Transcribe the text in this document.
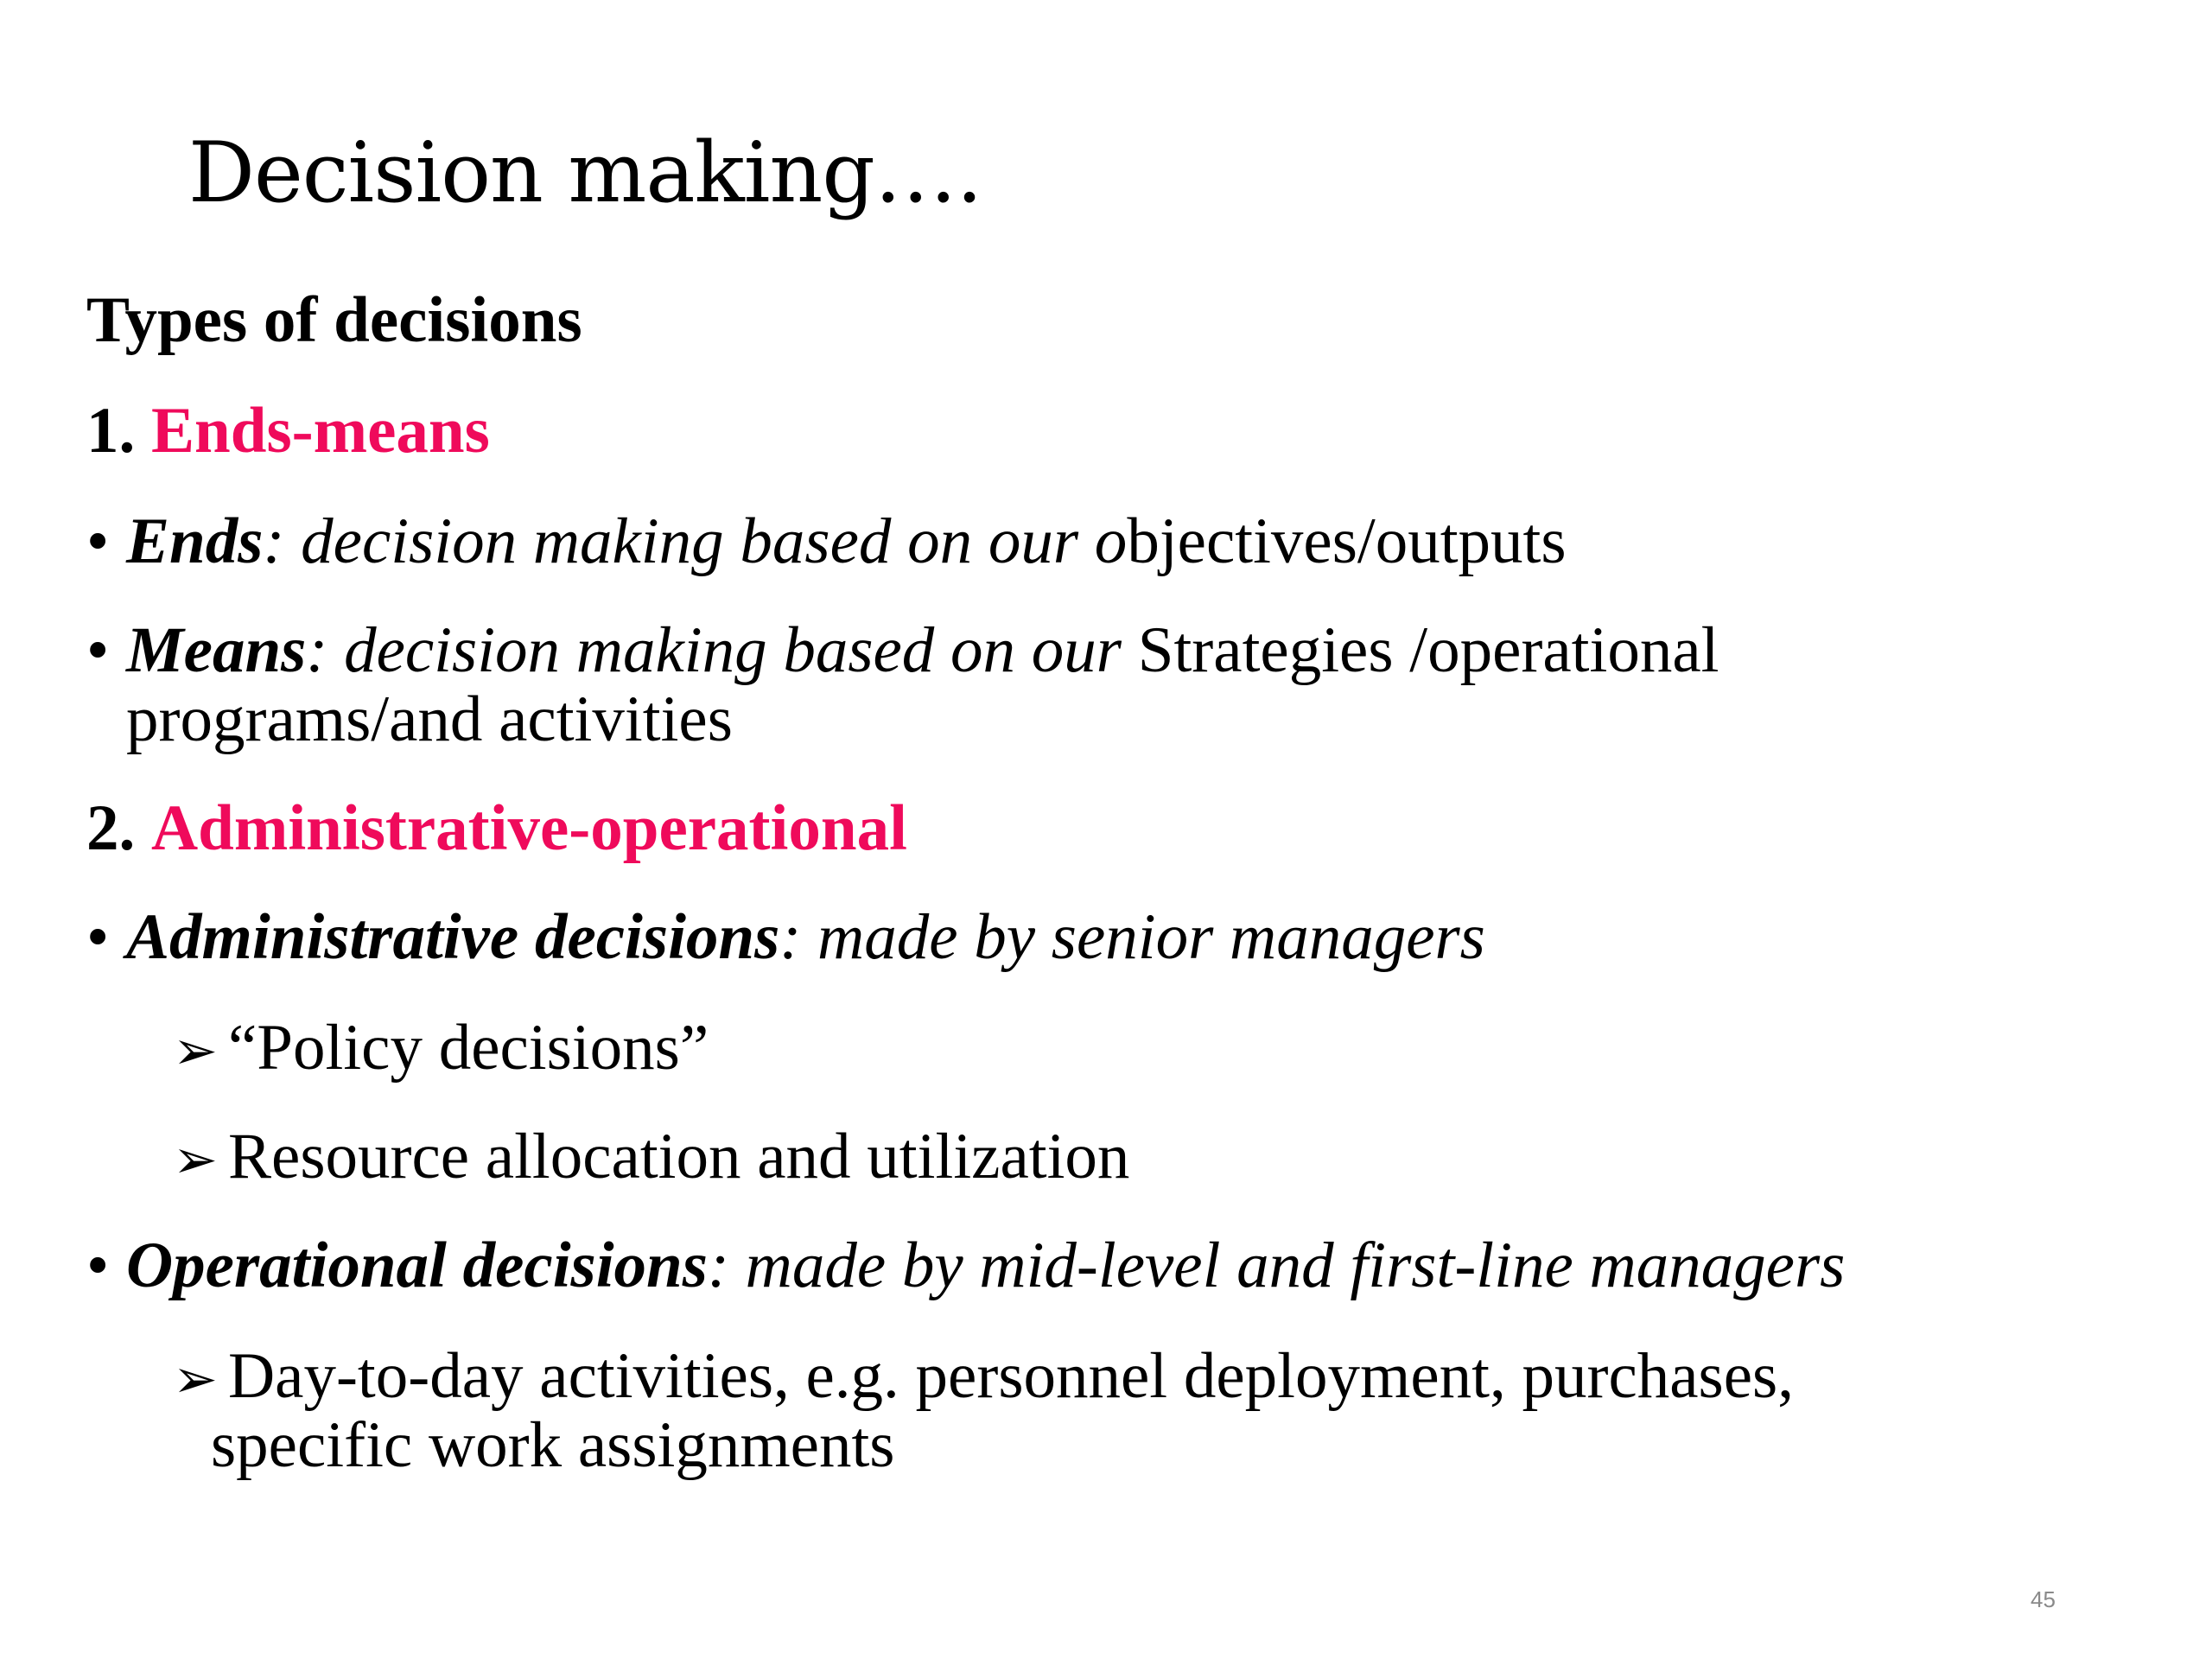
Decision making….
Types of decisions
1. Ends-means
• Ends: decision making based on our objectives/outputs
• Means: decision making based on our Strategies /operational
programs/and activities
2. Administrative-operational
• Administrative decisions: made by senior managers
➢ “Policy decisions”
➢ Resource allocation and utilization
• Operational decisions: made by mid-level and first-line managers
➢ Day-to-day activities, e.g. personnel deployment, purchases,
specific work assignments
45
